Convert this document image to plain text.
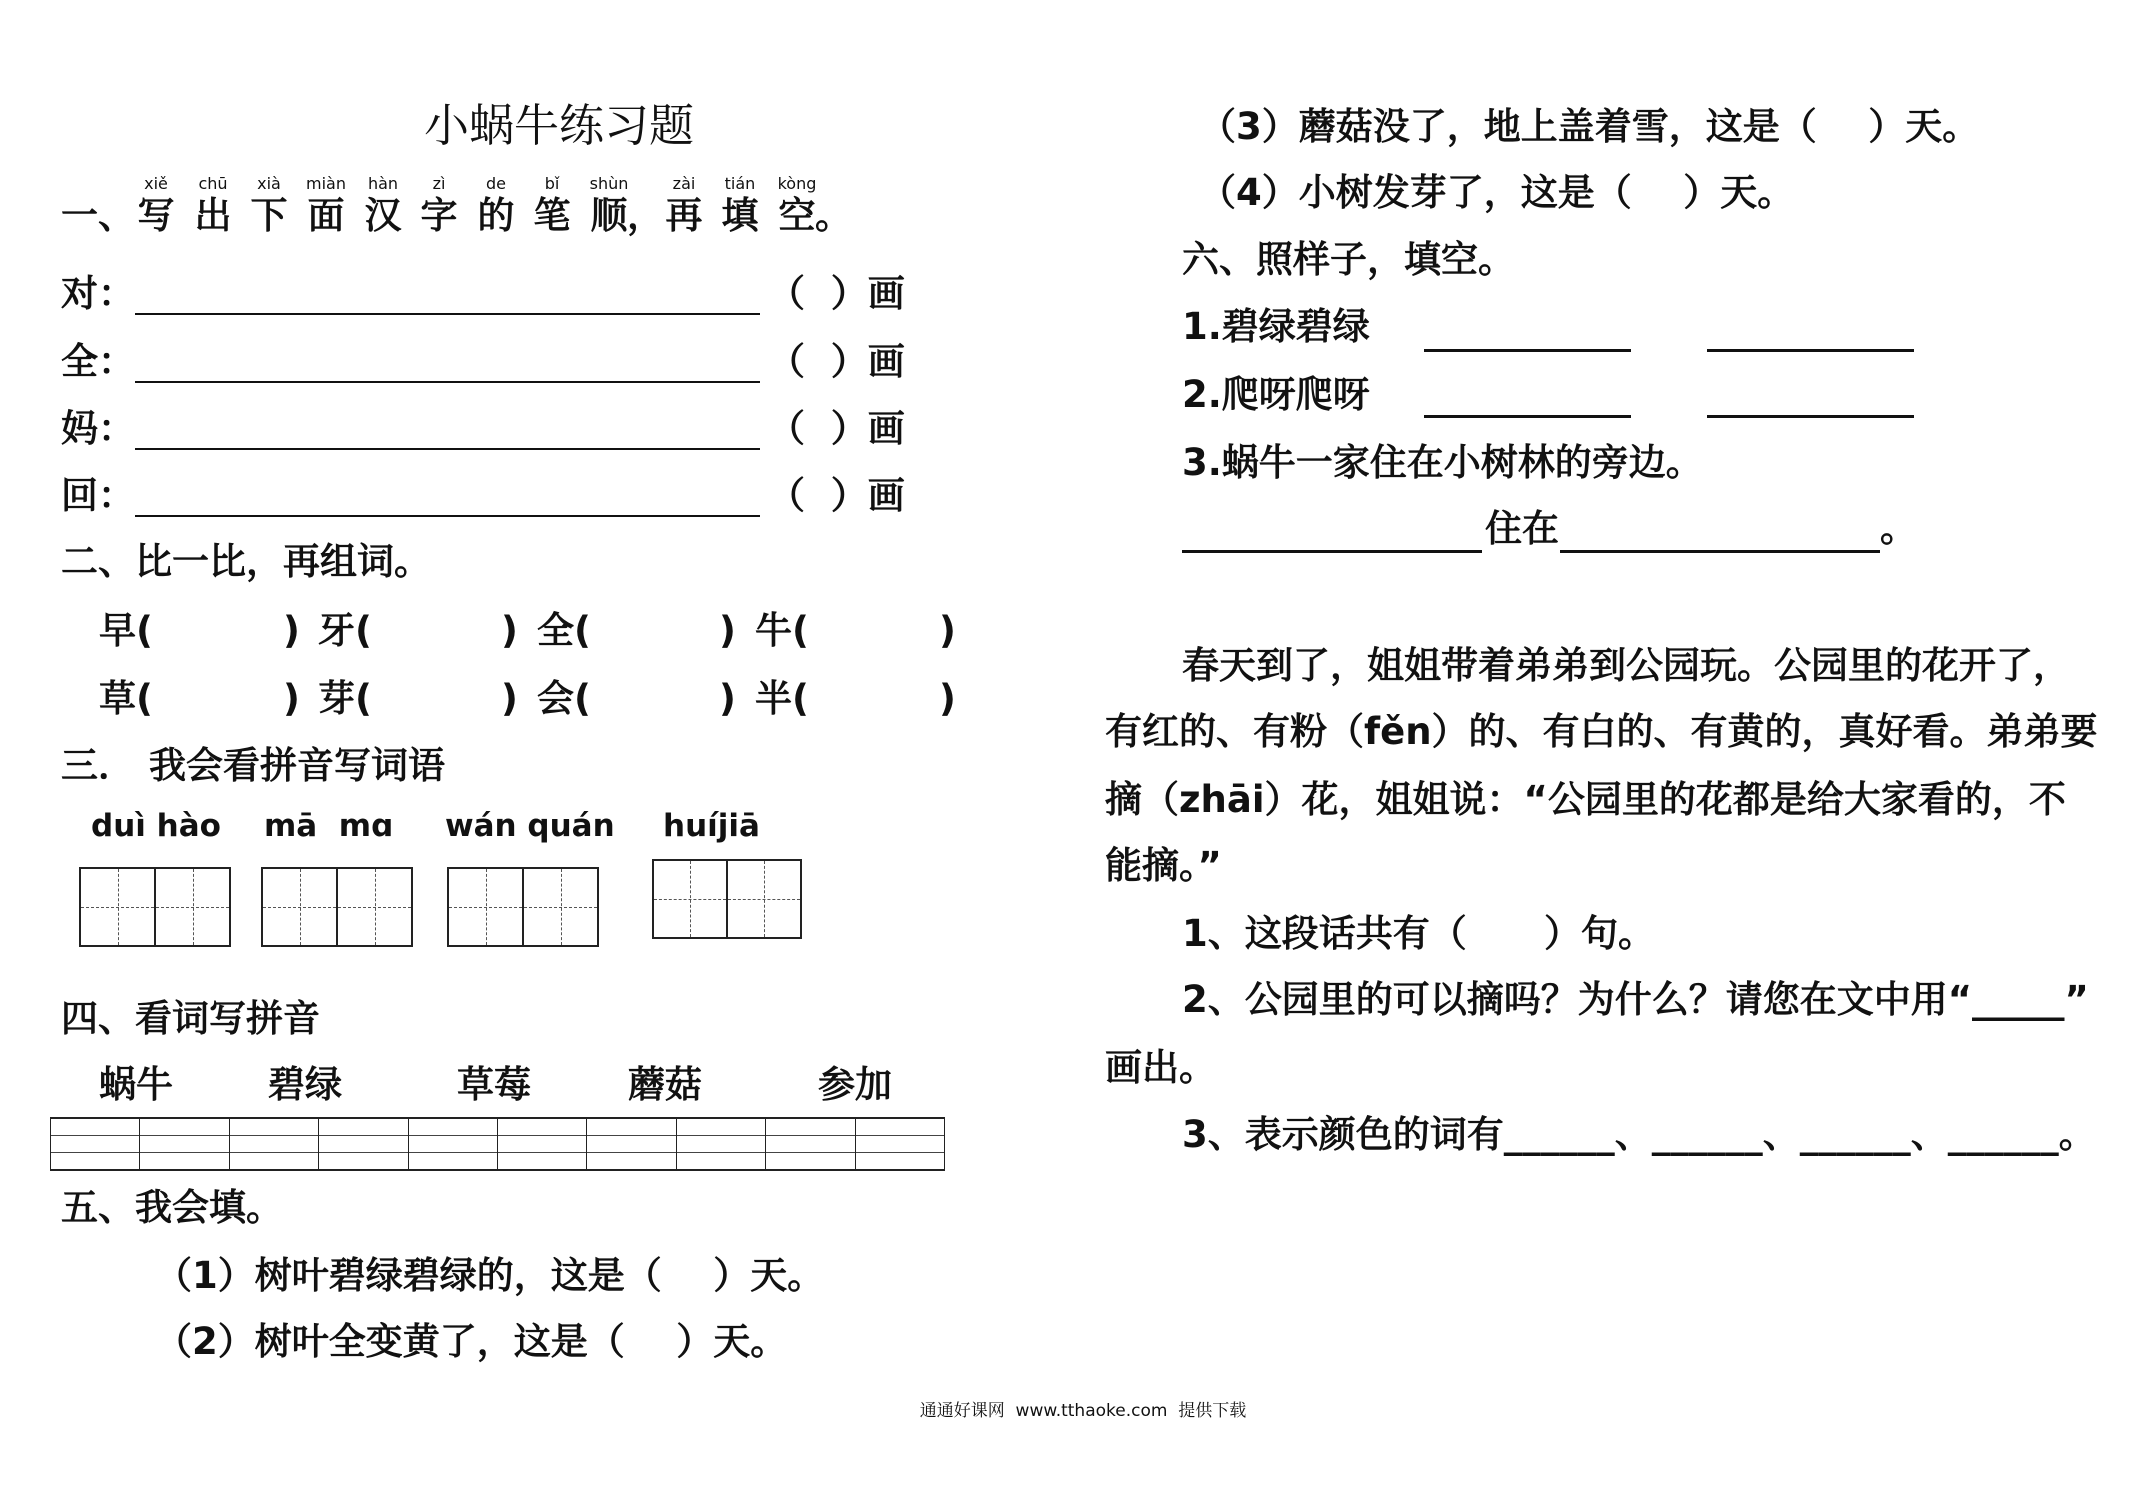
小蜗牛练习题
一、
xiě
写
chū
出
xià
下
miàn
面
hàn
汉
zì
字
de
的
bǐ
笔
shùn
顺 ，
zài
再
tián
填
kòng
空 。
对：	（  ）画
全：	（  ）画
妈：	（  ）画
回：	（  ）画
二、比一比，再组词。
早(	) 牙(	) 全(	) 牛(	)
草(	) 芽(	) 会(	) 半(	)
三． 我会看拼音写词语
duì hào mā  mɑ wán quán huíjiā
四、看词写拼音
蜗牛	碧绿	草莓	蘑菇	参加
五、我会填。
（1）树叶碧绿碧绿的，这是（    ）天。
（2）树叶全变黄了，这是（    ）天。
（3）蘑菇没了，地上盖着雪，这是（    ）天。
（4）小树发芽了，这是（    ）天。
六、照样子，填空。
1.碧绿碧绿
2.爬呀爬呀
3.蜗牛一家住在小树林的旁边。
住在	。
春天到了，姐姐带着弟弟到公园玩。公园里的花开了，
有红的、有粉（fěn）的、有白的、有黄的，真好看。弟弟要
摘（zhāi）花，姐姐说：“公园里的花都是给大家看的，不
能摘。”
1、这段话共有（      ）句。
2、公园里的可以摘吗？为什么？请您在文中用“_____”
画出。
3、表示颜色的词有______、______、______、______。
通通好课网  www.tthaoke.com  提供下载
